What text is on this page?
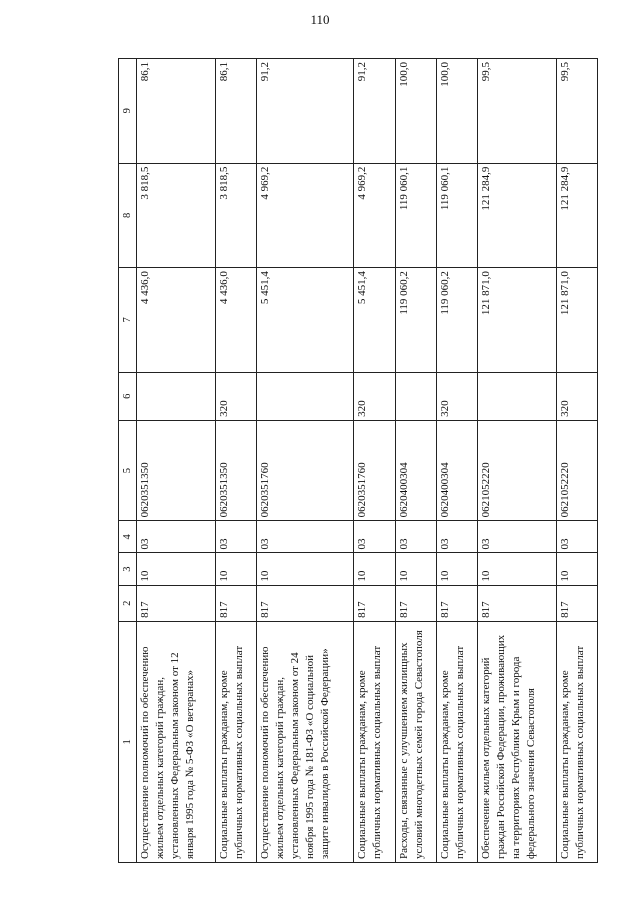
110
1	2	3	4	5	6	7	8	9
Осуществление полномочий по обеспечению жильем отдельных категорий граждан, установленных Федеральным законом от 12 января 1995 года № 5-ФЗ «О ветеранах»	817	10	03	0620351350		4 436,0	3 818,5	86,1
Социальные выплаты гражданам, кроме публичных нормативных социальных выплат	817	10	03	0620351350	320	4 436,0	3 818,5	86,1
Осуществление полномочий по обеспечению жильем отдельных категорий граждан, установленных Федеральным законом от 24 ноября 1995 года № 181-ФЗ «О социальной защите инвалидов в Российской Федерации»	817	10	03	0620351760		5 451,4	4 969,2	91,2
Социальные выплаты гражданам, кроме публичных нормативных социальных выплат	817	10	03	0620351760	320	5 451,4	4 969,2	91,2
Расходы, связанные с улучшением жилищных условий многодетных семей города Севастополя	817	10	03	0620400304		119 060,2	119 060,1	100,0
Социальные выплаты гражданам, кроме публичных нормативных социальных выплат	817	10	03	0620400304	320	119 060,2	119 060,1	100,0
Обеспечение жильем отдельных категорий граждан Российской Федерации, проживающих на территориях Республики Крым и города федерального значения Севастополя	817	10	03	0621052220		121 871,0	121 284,9	99,5
Социальные выплаты гражданам, кроме публичных нормативных социальных выплат	817	10	03	0621052220	320	121 871,0	121 284,9	99,5
